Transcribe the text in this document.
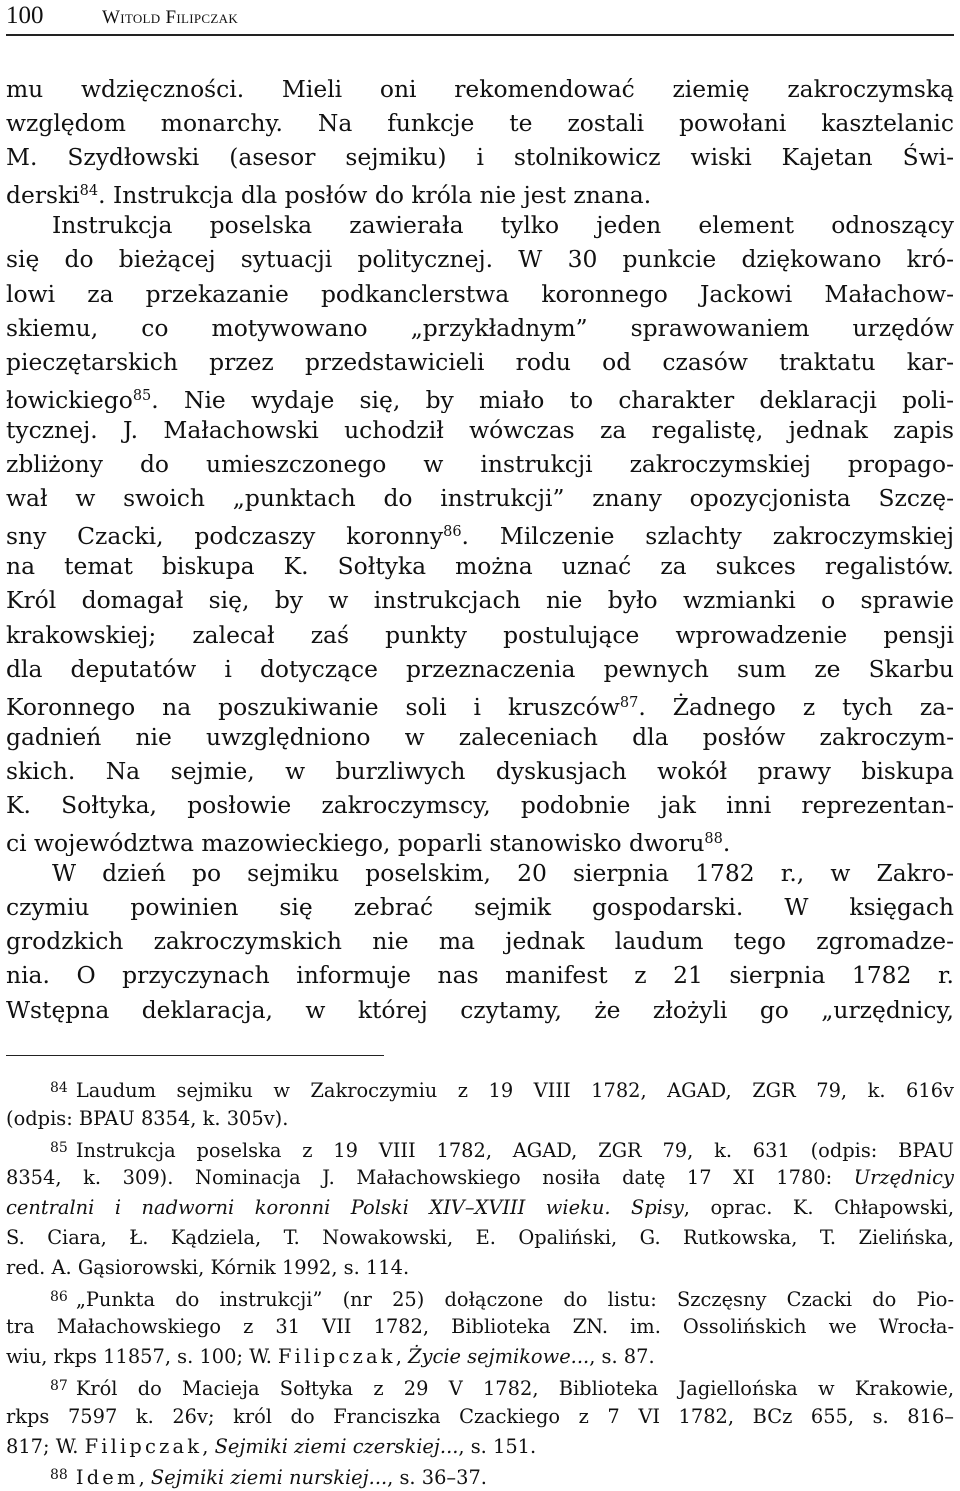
100	Witold Filipczak
mu wdzięczności. Mieli oni rekomendować ziemię zakroczymską
względom monarchy. Na funkcje te zostali powołani kasztelanic
M. Szydłowski (asesor sejmiku) i stolnikowicz wiski Kajetan Świ-
derski$^{84}$. Instrukcja dla posłów do króla nie jest znana.
Instrukcja poselska zawierała tylko jeden element odnoszący
się do bieżącej sytuacji politycznej. W 30 punkcie dziękowano kró-
lowi za przekazanie podkanclerstwa koronnego Jackowi Małachow-
skiemu, co motywowano „przykładnym” sprawowaniem urzędów
pieczętarskich przez przedstawicieli rodu od czasów traktatu kar-
łowickiego$^{85}$. Nie wydaje się, by miało to charakter deklaracji poli-
tycznej. J. Małachowski uchodził wówczas za regalistę, jednak zapis
zbliżony do umieszczonego w instrukcji zakroczymskiej propago-
wał w swoich „punktach do instrukcji” znany opozycjonista Szczę-
sny Czacki, podczaszy koronny$^{86}$. Milczenie szlachty zakroczymskiej
na temat biskupa K. Sołtyka można uznać za sukces regalistów.
Król domagał się, by w instrukcjach nie było wzmianki o sprawie
krakowskiej; zalecał zaś punkty postulujące wprowadzenie pensji
dla deputatów i dotyczące przeznaczenia pewnych sum ze Skarbu
Koronnego na poszukiwanie soli i kruszców$^{87}$. Żadnego z tych za-
gadnień nie uwzględniono w zaleceniach dla posłów zakroczym-
skich. Na sejmie, w burzliwych dyskusjach wokół prawy biskupa
K. Sołtyka, posłowie zakroczymscy, podobnie jak inni reprezentan-
ci województwa mazowieckiego, poparli stanowisko dworu$^{88}$.
W dzień po sejmiku poselskim, 20 sierpnia 1782 r., w Zakro-
czymiu powinien się zebrać sejmik gospodarski. W księgach
grodzkich zakroczymskich nie ma jednak laudum tego zgromadze-
nia. O przyczynach informuje nas manifest z 21 sierpnia 1782 r.
Wstępna deklaracja, w której czytamy, że złożyli go „urzędnicy,
$^{84}$ Laudum sejmiku w Zakroczymiu z 19 VIII 1782, AGAD, ZGR 79, k. 616v
(odpis: BPAU 8354, k. 305v).
$^{85}$ Instrukcja poselska z 19 VIII 1782, AGAD, ZGR 79, k. 631 (odpis: BPAU
8354, k. 309). Nominacja J. Małachowskiego nosiła datę 17 XI 1780: Urzędnicy
centralni i nadworni koronni Polski XIV–XVIII wieku. Spisy, oprac. K. Chłapowski,
S. Ciara, Ł. Kądziela, T. Nowakowski, E. Opaliński, G. Rutkowska, T. Zielińska,
red. A. Gąsiorowski, Kórnik 1992, s. 114.
$^{86}$ „Punkta do instrukcji” (nr 25) dołączone do listu: Szczęsny Czacki do Pio-
tra Małachowskiego z 31 VII 1782, Biblioteka ZN. im. Ossolińskich we Wrocła-
wiu, rkps 11857, s. 100; W. Filipczak, Życie sejmikowe..., s. 87.
$^{87}$ Król do Macieja Sołtyka z 29 V 1782, Biblioteka Jagiellońska w Krakowie,
rkps 7597 k. 26v; król do Franciszka Czackiego z 7 VI 1782, BCz 655, s. 816–
817; W. Filipczak, Sejmiki ziemi czerskiej..., s. 151.
$^{88}$ Idem, Sejmiki ziemi nurskiej..., s. 36–37.
